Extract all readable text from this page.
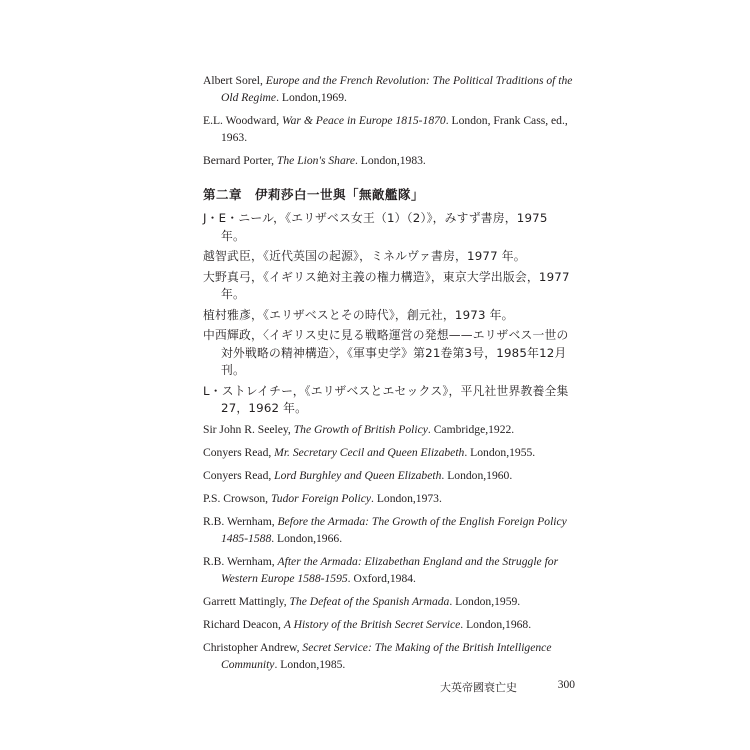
Albert Sorel, Europe and the French Revolution: The Political Traditions of the Old Regime. London,1969.

E.L. Woodward, War & Peace in Europe 1815-1870. London, Frank Cass, ed., 1963.

Bernard Porter, The Lion's Share. London,1983.

第二章　伊莉莎白一世與「無敵艦隊」

J・E・ニール，《エリザベス女王（1）（2）》，みすず書房，1975 年。

越智武臣，《近代英国の起源》，ミネルヴァ書房，1977 年。

大野真弓，《イギリス絶対主義の権力構造》，東京大学出版会，1977 年。

植村雅彥，《エリザベスとその時代》，創元社，1973 年。

中西輝政，〈イギリス史に見る戦略運営の発想——エリザベス一世の対外戦略の精神構造〉，《軍事史学》第21卷第3号，1985年12月刊。

L・ストレイチー，《エリザベスとエセックス》，平凡社世界教養全集 27，1962 年。

Sir John R. Seeley, The Growth of British Policy. Cambridge,1922.

Conyers Read, Mr. Secretary Cecil and Queen Elizabeth. London,1955.

Conyers Read, Lord Burghley and Queen Elizabeth. London,1960.

P.S. Crowson, Tudor Foreign Policy. London,1973.

R.B. Wernham, Before the Armada: The Growth of the English Foreign Policy 1485-1588. London,1966.

R.B. Wernham, After the Armada: Elizabethan England and the Struggle for Western Europe 1588-1595. Oxford,1984.

Garrett Mattingly, The Defeat of the Spanish Armada. London,1959.

Richard Deacon, A History of the British Secret Service. London,1968.

Christopher Andrew, Secret Service: The Making of the British Intelligence Community. London,1985.

大英帝國衰亡史	300
